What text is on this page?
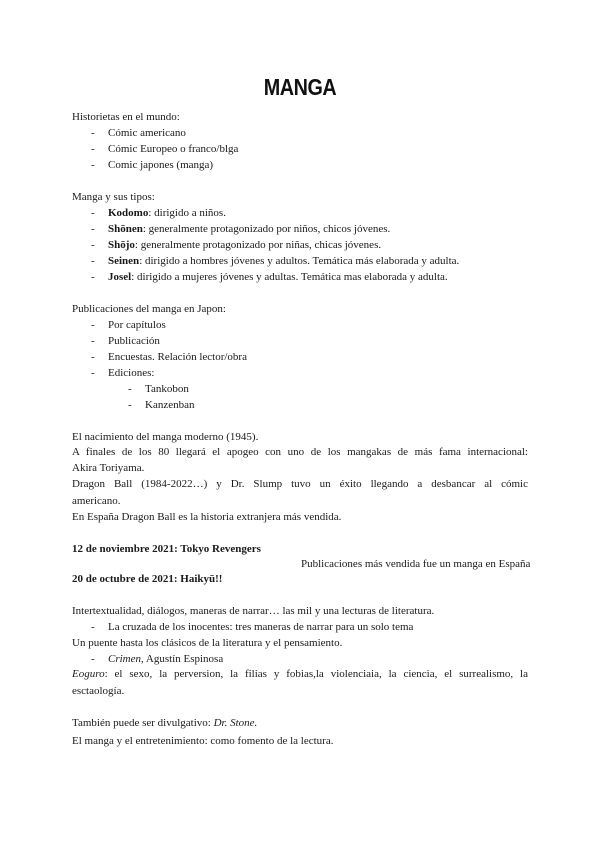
MANGA
Historietas en el mundo:
- Cómic americano
- Cómic Europeo o franco/blga
- Comic japones (manga)
Manga y sus tipos:
- Kodomo: dirigido a niños.
- Shōnen: generalmente protagonizado por niños, chicos jóvenes.
- Shōjo: generalmente protagonizado por niñas, chicas jóvenes.
- Seinen: dirigido a hombres jóvenes y adultos. Temática más elaborada y adulta.
- Josel: dirigido a mujeres jóvenes y adultas. Temática mas elaborada y adulta.
Publicaciones del manga en Japon:
- Por capítulos
- Publicación
- Encuestas. Relación lector/obra
- Ediciones:
- Tankobon
- Kanzenban
El nacimiento del manga moderno (1945).
A finales de los 80 llegará el apogeo con uno de los mangakas de más fama internacional:
Akira Toriyama.
Dragon Ball (1984-2022…) y Dr. Slump tuvo un éxito llegando a desbancar al cómic
americano.
En España Dragon Ball es la historia extranjera más vendida.
12 de noviembre 2021: Tokyo Revengers
Publicaciones más vendida fue un manga en España
20 de octubre de 2021: Haikyū!!
Intertextualidad, diálogos, maneras de narrar… las mil y una lecturas de literatura.
- La cruzada de los inocentes: tres maneras de narrar para un solo tema
Un puente hasta los clásicos de la literatura y el pensamiento.
- Crimen, Agustín Espinosa
Eoguro: el sexo, la perversion, la filias y fobias,la violenciaia, la ciencia, el surrealismo, la
esctaología.
También puede ser divulgativo: Dr. Stone.
El manga y el entretenimiento: como fomento de la lectura.
